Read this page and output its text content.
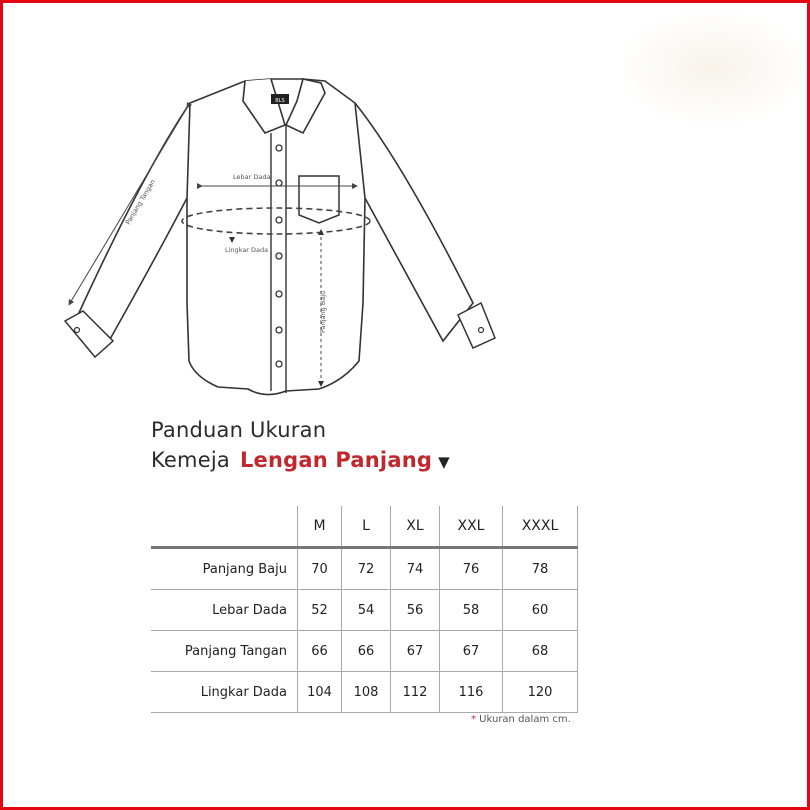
BLS
Panjang Tangan
Lebar Dada
Lingkar Dada
Panjang Baju
Panduan Ukuran
Kemeja Lengan Panjang ▼
	M	L	XL	XXL	XXXL
Panjang Baju	70	72	74	76	78
Lebar Dada	52	54	56	58	60
Panjang Tangan	66	66	67	67	68
Lingkar Dada	104	108	112	116	120
* Ukuran dalam cm.
